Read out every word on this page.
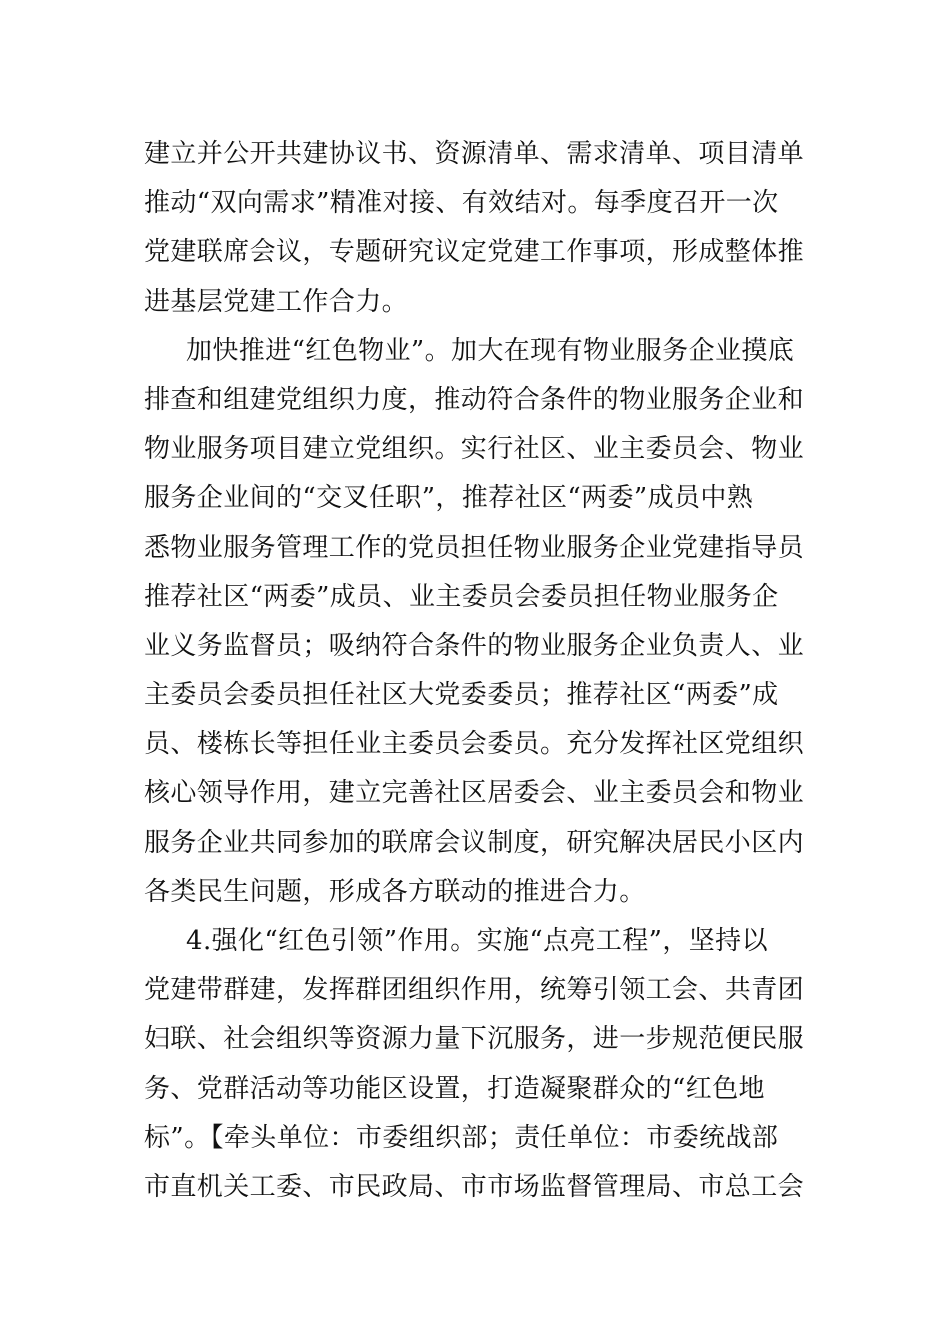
建立并公开共建协议书、资源清单、需求清单、项目清单
推动“双向需求”精准对接、有效结对。每季度召开一次
党建联席会议，专题研究议定党建工作事项，形成整体推
进基层党建工作合力。
加快推进“红色物业”。加大在现有物业服务企业摸底
排查和组建党组织力度，推动符合条件的物业服务企业和
物业服务项目建立党组织。实行社区、业主委员会、物业
服务企业间的“交叉任职”，推荐社区“两委”成员中熟
悉物业服务管理工作的党员担任物业服务企业党建指导员
推荐社区“两委”成员、业主委员会委员担任物业服务企
业义务监督员；吸纳符合条件的物业服务企业负责人、业
主委员会委员担任社区大党委委员；推荐社区“两委”成
员、楼栋长等担任业主委员会委员。充分发挥社区党组织
核心领导作用，建立完善社区居委会、业主委员会和物业
服务企业共同参加的联席会议制度，研究解决居民小区内
各类民生问题，形成各方联动的推进合力。
4.强化“红色引领”作用。实施“点亮工程”，坚持以
党建带群建，发挥群团组织作用，统筹引领工会、共青团
妇联、社会组织等资源力量下沉服务，进一步规范便民服
务、党群活动等功能区设置，打造凝聚群众的“红色地
标”。【牵头单位：市委组织部；责任单位：市委统战部
市直机关工委、市民政局、市市场监督管理局、市总工会
